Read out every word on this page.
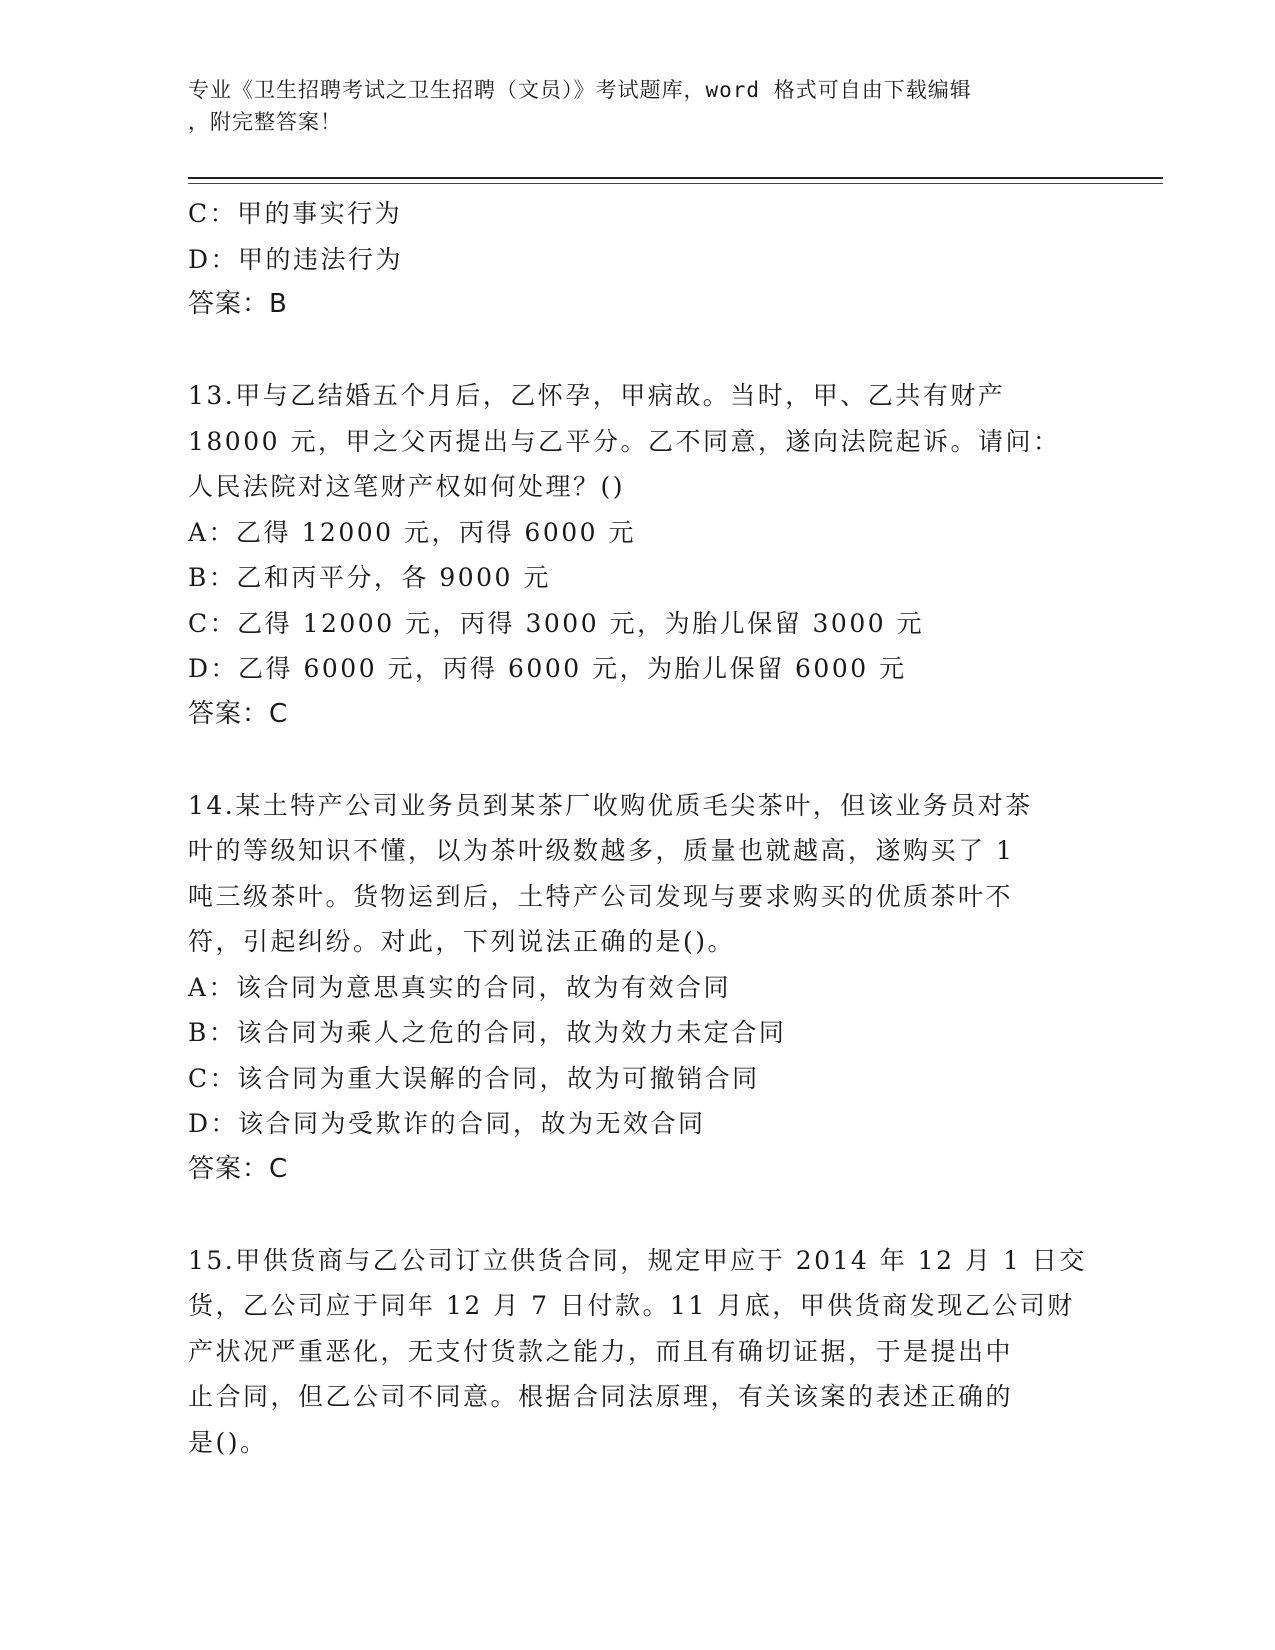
专业《卫生招聘考试之卫生招聘（文员）》考试题库，word 格式可自由下载编辑
，附完整答案！
C：甲的事实行为
D：甲的违法行为
答案：B
13.甲与乙结婚五个月后，乙怀孕，甲病故。当时，甲、乙共有财产
18000 元，甲之父丙提出与乙平分。乙不同意，遂向法院起诉。请问：
人民法院对这笔财产权如何处理？()
A：乙得 12000 元，丙得 6000 元
B：乙和丙平分，各 9000 元
C：乙得 12000 元，丙得 3000 元，为胎儿保留 3000 元
D：乙得 6000 元，丙得 6000 元，为胎儿保留 6000 元
答案：C
14.某土特产公司业务员到某茶厂收购优质毛尖茶叶，但该业务员对茶
叶的等级知识不懂，以为茶叶级数越多，质量也就越高，遂购买了 1
吨三级茶叶。货物运到后，土特产公司发现与要求购买的优质茶叶不
符，引起纠纷。对此，下列说法正确的是()。
A：该合同为意思真实的合同，故为有效合同
B：该合同为乘人之危的合同，故为效力未定合同
C：该合同为重大误解的合同，故为可撤销合同
D：该合同为受欺诈的合同，故为无效合同
答案：C
15.甲供货商与乙公司订立供货合同，规定甲应于 2014 年 12 月 1 日交
货，乙公司应于同年 12 月 7 日付款。11 月底，甲供货商发现乙公司财
产状况严重恶化，无支付货款之能力，而且有确切证据，于是提出中
止合同，但乙公司不同意。根据合同法原理，有关该案的表述正确的
是()。
